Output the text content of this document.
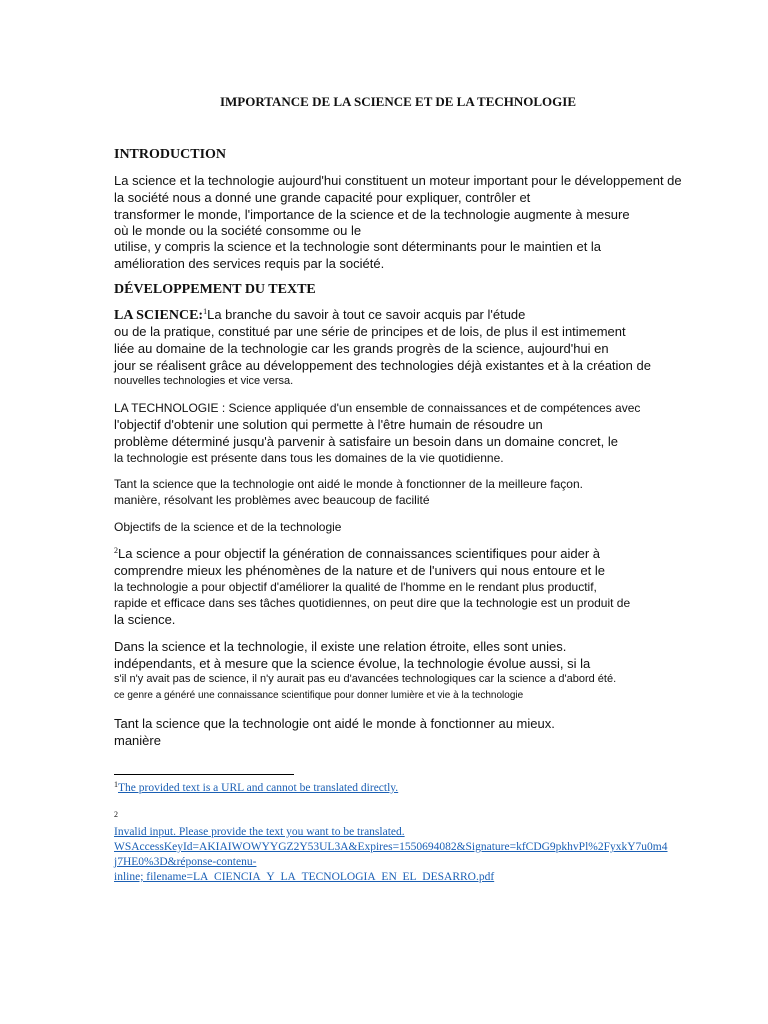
IMPORTANCE DE LA SCIENCE ET DE LA TECHNOLOGIE
INTRODUCTION
La science et la technologie aujourd'hui constituent un moteur important pour le développement de
la société nous a donné une grande capacité pour expliquer, contrôler et
transformer le monde, l'importance de la science et de la technologie augmente à mesure
où le monde ou la société consomme ou le
utilise, y compris la science et la technologie sont déterminants pour le maintien et la
amélioration des services requis par la société.
DÉVELOPPEMENT DU TEXTE
LA SCIENCE:$^1$La branche du savoir à tout ce savoir acquis par l'étude
ou de la pratique, constitué par une série de principes et de lois, de plus il est intimement
liée au domaine de la technologie car les grands progrès de la science, aujourd'hui en
jour se réalisent grâce au développement des technologies déjà existantes et à la création de
nouvelles technologies et vice versa.
LA TECHNOLOGIE : Science appliquée d'un ensemble de connaissances et de compétences avec
l'objectif d'obtenir une solution qui permette à l'être humain de résoudre un
problème déterminé jusqu'à parvenir à satisfaire un besoin dans un domaine concret, le
la technologie est présente dans tous les domaines de la vie quotidienne.
Tant la science que la technologie ont aidé le monde à fonctionner de la meilleure façon.
manière, résolvant les problèmes avec beaucoup de facilité
Objectifs de la science et de la technologie
$^2$La science a pour objectif la génération de connaissances scientifiques pour aider à
comprendre mieux les phénomènes de la nature et de l'univers qui nous entoure et le
la technologie a pour objectif d'améliorer la qualité de l'homme en le rendant plus productif,
rapide et efficace dans ses tâches quotidiennes, on peut dire que la technologie est un produit de
la science.
Dans la science et la technologie, il existe une relation étroite, elles sont unies.
indépendants, et à mesure que la science évolue, la technologie évolue aussi, si la
s'il n'y avait pas de science, il n'y aurait pas eu d'avancées technologiques car la science a d'abord été.
ce genre a généré une connaissance scientifique pour donner lumière et vie à la technologie
Tant la science que la technologie ont aidé le monde à fonctionner au mieux.
manière
$^1$The provided text is a URL and cannot be translated directly.
2
Invalid input. Please provide the text you want to be translated.
WSAccessKeyId=AKIAIWOWYYGZ2Y53UL3A&Expires=1550694082&Signature=kfCDG9pkhvPl%2FyxkY7u0m4
j7HE0%3D&réponse-contenu-
inline; filename=LA_CIENCIA_Y_LA_TECNOLOGIA_EN_EL_DESARRO.pdf
